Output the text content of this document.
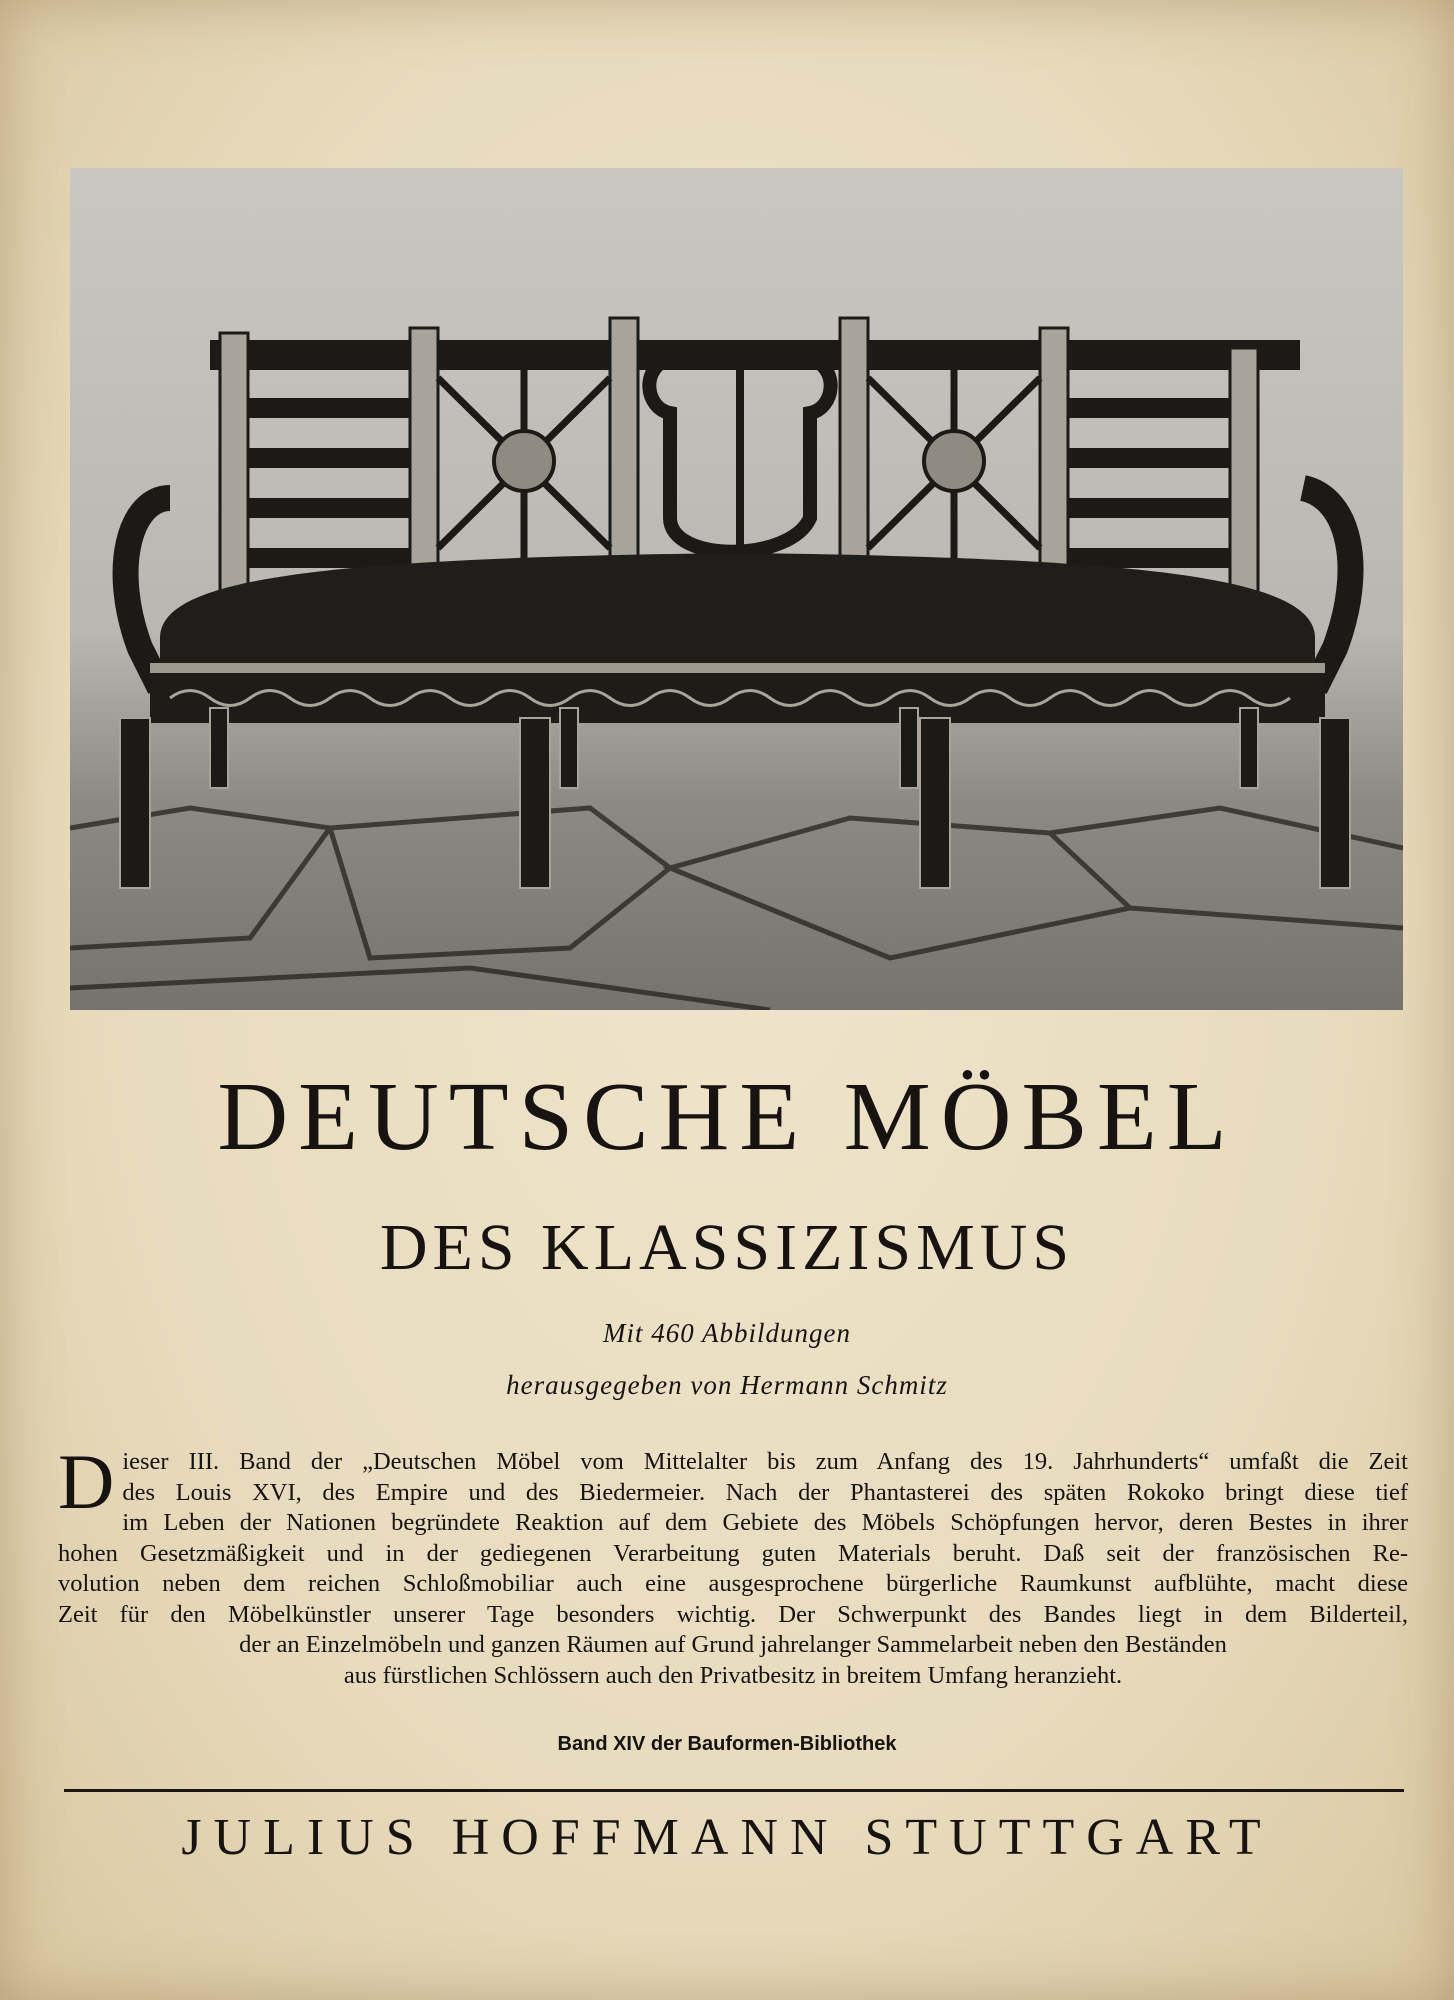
DEUTSCHE MÖBEL
DES KLASSIZISMUS
Mit 460 Abbildungen
herausgegeben von Hermann Schmitz
D ieser III. Band der „Deutschen Möbel vom Mittelalter bis zum Anfang des 19. Jahrhunderts“ umfaßt die Zeit
des Louis XVI, des Empire und des Biedermeier. Nach der Phantasterei des späten Rokoko bringt diese tief
im Leben der Nationen begründete Reaktion auf dem Gebiete des Möbels Schöpfungen hervor, deren Bestes in ihrer
hohen Gesetzmäßigkeit und in der gediegenen Verarbeitung guten Materials beruht. Daß seit der französischen Re-
volution neben dem reichen Schloßmobiliar auch eine ausgesprochene bürgerliche Raumkunst aufblühte, macht diese
Zeit für den Möbelkünstler unserer Tage besonders wichtig. Der Schwerpunkt des Bandes liegt in dem Bilderteil,
der an Einzelmöbeln und ganzen Räumen auf Grund jahrelanger Sammelarbeit neben den Beständen
aus fürstlichen Schlössern auch den Privatbesitz in breitem Umfang heranzieht.
Band XIV der Bauformen-Bibliothek
JULIUS HOFFMANN STUTTGART
